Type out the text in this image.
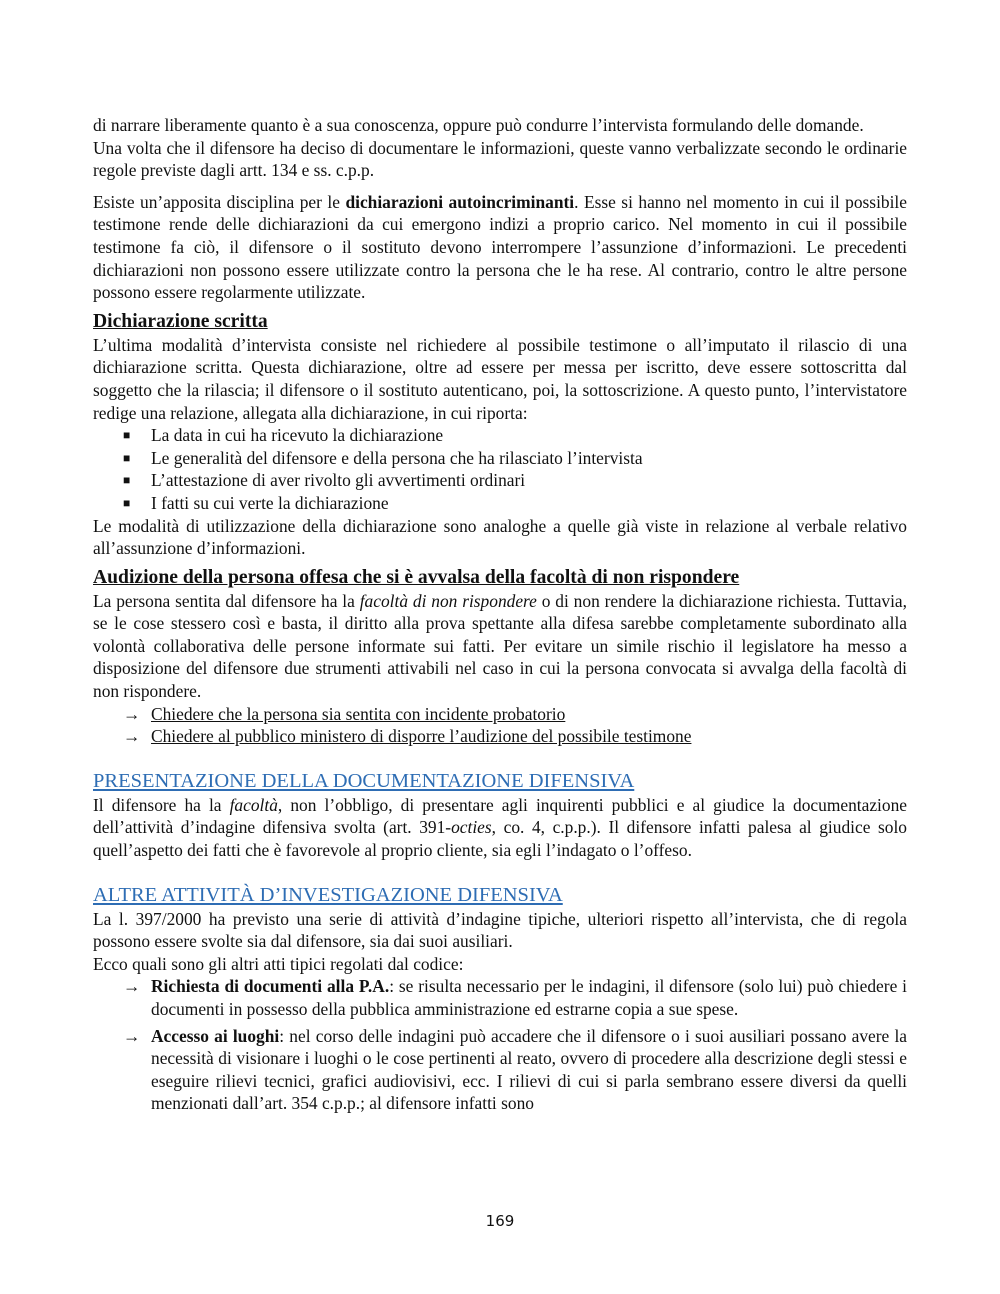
di narrare liberamente quanto è a sua conoscenza, oppure può condurre l’intervista formulando delle domande.

Una volta che il difensore ha deciso di documentare le informazioni, queste vanno verbalizzate secondo le ordinarie regole previste dagli artt. 134 e ss. c.p.p.

Esiste un’apposita disciplina per le dichiarazioni autoincriminanti. Esse si hanno nel momento in cui il possibile testimone rende delle dichiarazioni da cui emergono indizi a proprio carico. Nel momento in cui il possibile testimone fa ciò, il difensore o il sostituto devono interrompere l’assunzione d’informazioni. Le precedenti dichiarazioni non possono essere utilizzate contro la persona che le ha rese. Al contrario, contro le altre persone possono essere regolarmente utilizzate.

Dichiarazione scritta

L’ultima modalità d’intervista consiste nel richiedere al possibile testimone o all’imputato il rilascio di una dichiarazione scritta. Questa dichiarazione, oltre ad essere per messa per iscritto, deve essere sottoscritta dal soggetto che la rilascia; il difensore o il sostituto autenticano, poi, la sottoscrizione. A questo punto, l’intervistatore redige una relazione, allegata alla dichiarazione, in cui riporta:

■ La data in cui ha ricevuto la dichiarazione
■ Le generalità del difensore e della persona che ha rilasciato l’intervista
■ L’attestazione di aver rivolto gli avvertimenti ordinari
■ I fatti su cui verte la dichiarazione

Le modalità di utilizzazione della dichiarazione sono analoghe a quelle già viste in relazione al verbale relativo all’assunzione d’informazioni.

Audizione della persona offesa che si è avvalsa della facoltà di non rispondere

La persona sentita dal difensore ha la facoltà di non rispondere o di non rendere la dichiarazione richiesta. Tuttavia, se le cose stessero così e basta, il diritto alla prova spettante alla difesa sarebbe completamente subordinato alla volontà collaborativa delle persone informate sui fatti. Per evitare un simile rischio il legislatore ha messo a disposizione del difensore due strumenti attivabili nel caso in cui la persona convocata si avvalga della facoltà di non rispondere.

→ Chiedere che la persona sia sentita con incidente probatorio
→ Chiedere al pubblico ministero di disporre l’audizione del possibile testimone
PRESENTAZIONE DELLA DOCUMENTAZIONE DIFENSIVA

Il difensore ha la facoltà, non l’obbligo, di presentare agli inquirenti pubblici e al giudice la documentazione dell’attività d’indagine difensiva svolta (art. 391-octies, co. 4, c.p.p.). Il difensore infatti palesa al giudice solo quell’aspetto dei fatti che è favorevole al proprio cliente, sia egli l’indagato o l’offeso.

ALTRE ATTIVITÀ D’INVESTIGAZIONE DIFENSIVA

La l. 397/2000 ha previsto una serie di attività d’indagine tipiche, ulteriori rispetto all’intervista, che di regola possono essere svolte sia dal difensore, sia dai suoi ausiliari.

Ecco quali sono gli altri atti tipici regolati dal codice:

→ Richiesta di documenti alla P.A.: se risulta necessario per le indagini, il difensore (solo lui) può chiedere i documenti in possesso della pubblica amministrazione ed estrarne copia a sue spese.
→ Accesso ai luoghi: nel corso delle indagini può accadere che il difensore o i suoi ausiliari possano avere la necessità di visionare i luoghi o le cose pertinenti al reato, ovvero di procedere alla descrizione degli stessi e eseguire rilievi tecnici, grafici audiovisivi, ecc. I rilievi di cui si parla sembrano essere diversi da quelli menzionati dall’art. 354 c.p.p.; al difensore infatti sono
169
